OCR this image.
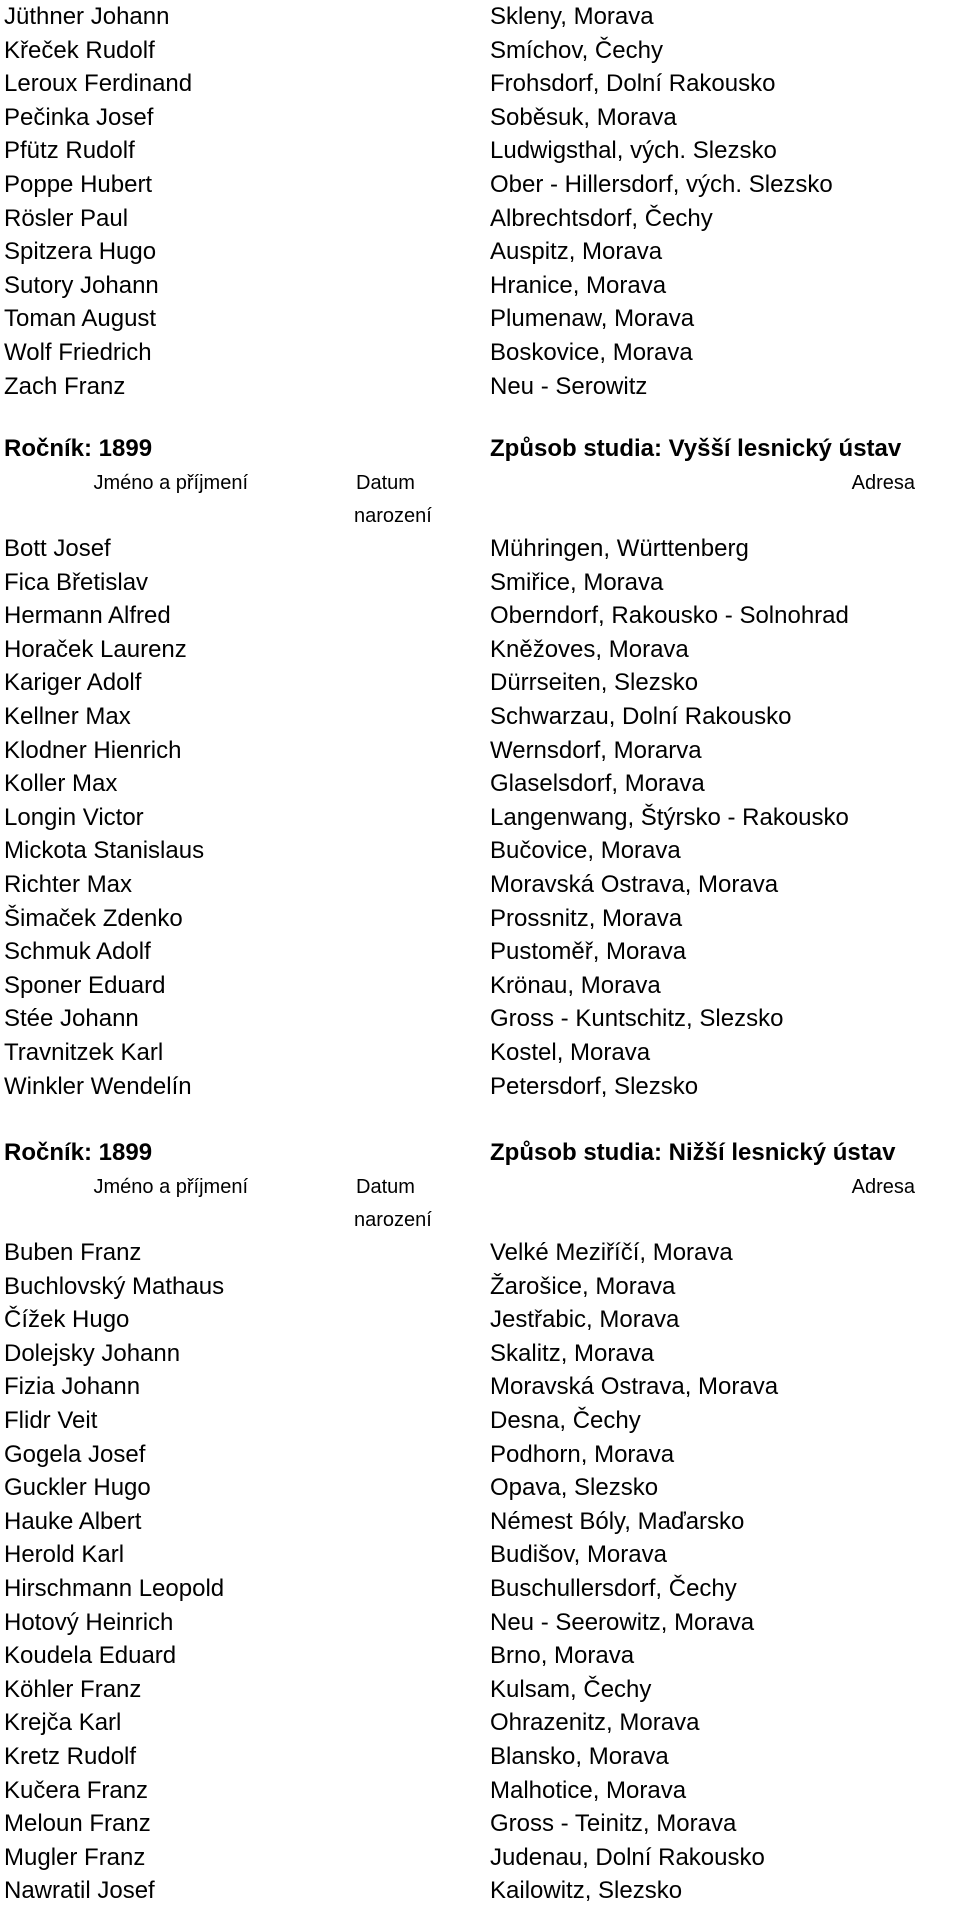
Jüthner Johann	Skleny, Morava
Křeček Rudolf	Smíchov, Čechy
Leroux Ferdinand	Frohsdorf, Dolní Rakousko
Pečinka Josef	Soběsuk, Morava
Pfütz Rudolf	Ludwigsthal, vých. Slezsko
Poppe Hubert	Ober - Hillersdorf, vých. Slezsko
Rösler Paul	Albrechtsdorf, Čechy
Spitzera Hugo	Auspitz, Morava
Sutory Johann	Hranice, Morava
Toman August	Plumenaw, Morava
Wolf Friedrich	Boskovice, Morava
Zach Franz	Neu - Serowitz
Ročník: 1899	Způsob studia: Vyšší lesnický ústav
Jméno a příjmení	Datum	Adresa
narození
Bott Josef	Mühringen, Württenberg
Fica Břetislav	Smiřice, Morava
Hermann Alfred	Oberndorf, Rakousko - Solnohrad
Horaček Laurenz	Kněžoves, Morava
Kariger Adolf	Dürrseiten, Slezsko
Kellner Max	Schwarzau, Dolní Rakousko
Klodner Hienrich	Wernsdorf, Morarva
Koller Max	Glaselsdorf, Morava
Longin Victor	Langenwang, Štýrsko - Rakousko
Mickota Stanislaus	Bučovice, Morava
Richter Max	Moravská Ostrava, Morava
Šimaček Zdenko	Prossnitz, Morava
Schmuk Adolf	Pustoměř, Morava
Sponer Eduard	Krönau, Morava
Stée Johann	Gross - Kuntschitz, Slezsko
Travnitzek Karl	Kostel, Morava
Winkler Wendelín	Petersdorf, Slezsko
Ročník: 1899	Způsob studia: Nižší lesnický ústav
Jméno a příjmení	Datum	Adresa
narození
Buben Franz	Velké Meziříčí, Morava
Buchlovský Mathaus	Žarošice, Morava
Čížek Hugo	Jestřabic, Morava
Dolejsky Johann	Skalitz, Morava
Fizia Johann	Moravská Ostrava, Morava
Flidr Veit	Desna, Čechy
Gogela Josef	Podhorn, Morava
Guckler Hugo	Opava, Slezsko
Hauke Albert	Némest Bóly, Maďarsko
Herold Karl	Budišov, Morava
Hirschmann Leopold	Buschullersdorf, Čechy
Hotový Heinrich	Neu - Seerowitz, Morava
Koudela Eduard	Brno, Morava
Köhler Franz	Kulsam, Čechy
Krejča Karl	Ohrazenitz, Morava
Kretz Rudolf	Blansko, Morava
Kučera Franz	Malhotice, Morava
Meloun Franz	Gross - Teinitz, Morava
Mugler Franz	Judenau, Dolní Rakousko
Nawratil Josef	Kailowitz, Slezsko
